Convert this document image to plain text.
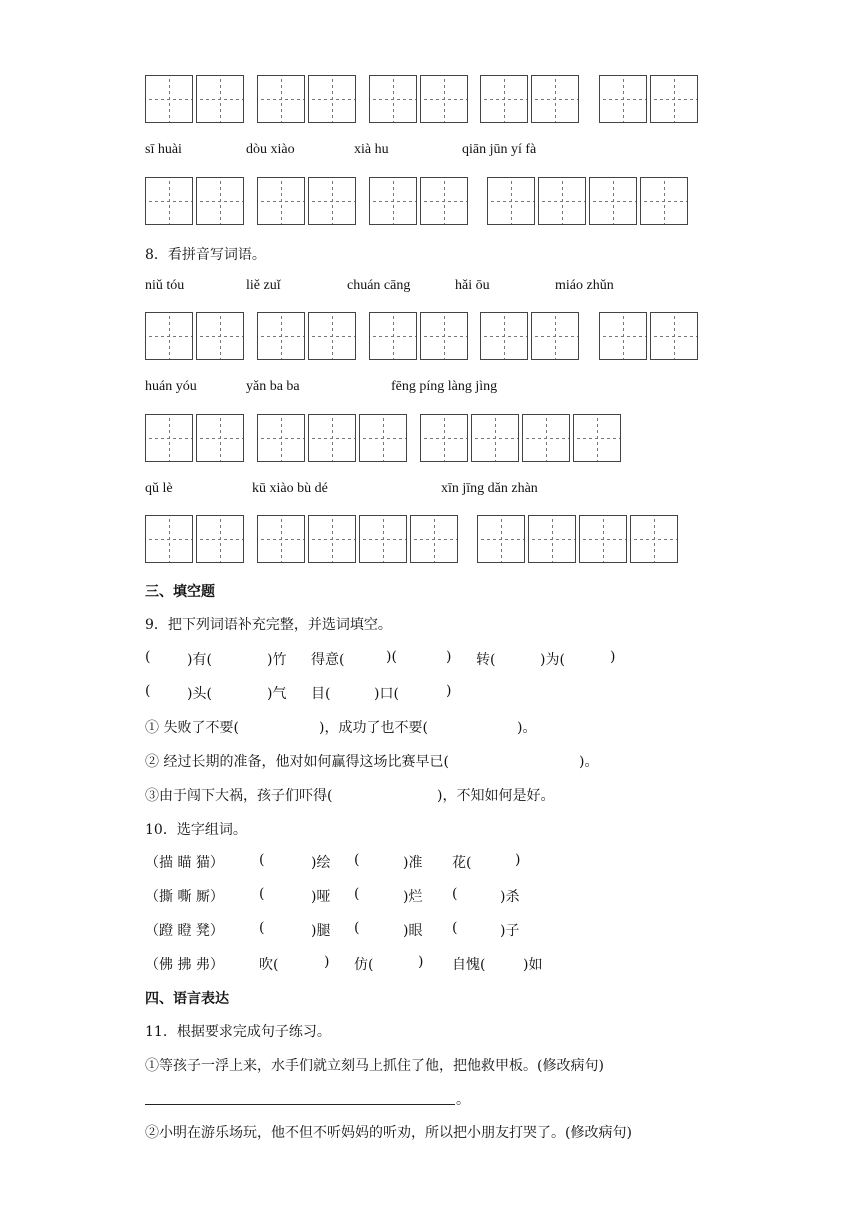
sī huài	dòu xiào	xià hu	qiān jūn yí fà
8．看拼音写词语。
niǔ tóu	liě zuǐ	chuán cāng	hǎi ōu	miáo zhǔn
huán yóu	yǎn ba ba	fēng píng làng jìng
qǔ lè	kū xiào bù dé	xīn jīng dǎn zhàn
三、填空题
9．把下列词语补充完整，并选词填空。
(	)有(	)竹 得意(	)(	) 转(	)为(	)
(	)头(	)气 目(	)口(	)
① 失败了不要(	)，成功了也不要(	)。
② 经过长期的准备，他对如何赢得这场比赛早已(	)。
③由于闯下大祸，孩子们吓得(	)，不知如何是好。
10．选字组词。
（描 瞄 猫）	(	)绘 (	)准 花(	)
（撕 嘶 厮）	(	)哑 (	)烂 (	)杀
（蹬 瞪 凳）	(	)腿 (	)眼 (	)子
（佛 拂 弗）	吹(	) 仿(	) 自愧(	)如
四、语言表达
11．根据要求完成句子练习。
①等孩子一浮上来，水手们就立刻马上抓住了他，把他救甲板。(修改病句)
。
②小明在游乐场玩，他不但不听妈妈的听劝，所以把小朋友打哭了。(修改病句)
